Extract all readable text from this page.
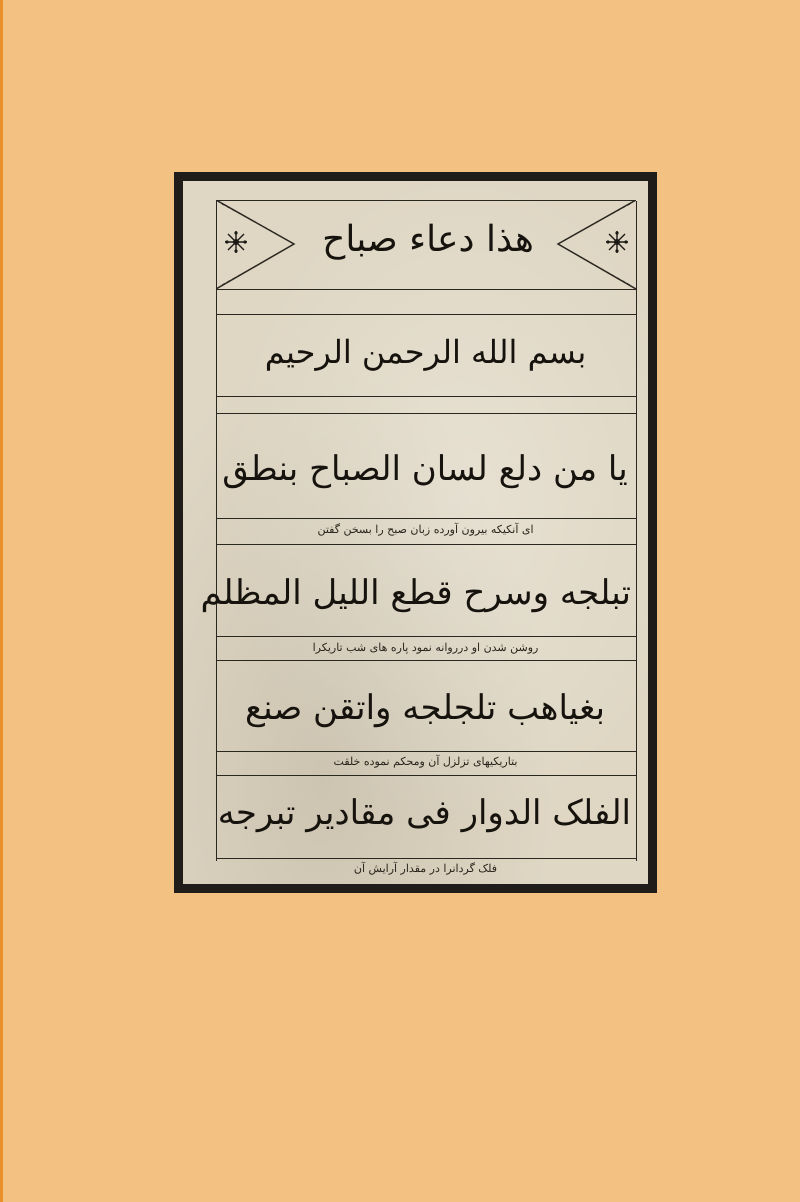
هذا دعاء صباح
بسم الله الرحمن الرحیم
یا من دلع لسان الصباح بنطق
ای آنکیکه بیرون آورده زبان صبح را بسخن گفتن
تبلجه وسرح قطع اللیل المظلم
روشن شدن او درروانه نمود پاره های شب تاریکرا
بغیاهب تلجلجه واتقن صنع
بتاریکیهای تزلزل آن ومحکم نموده خلقت
الفلک الدوار فی مقادیر تبرجه
فلک گردانرا در مقدار آرایش آن
